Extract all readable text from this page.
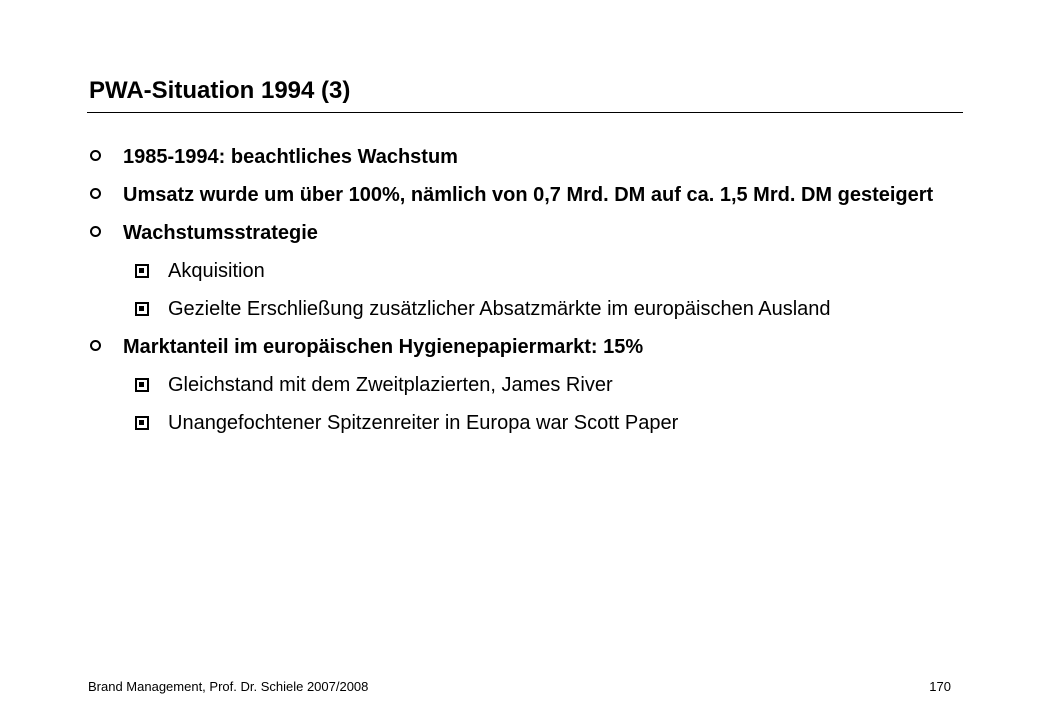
PWA-Situation 1994 (3)
1985-1994: beachtliches Wachstum
Umsatz wurde um über 100%, nämlich von 0,7 Mrd. DM auf ca. 1,5 Mrd. DM gesteigert
Wachstumsstrategie
Akquisition
Gezielte Erschließung zusätzlicher Absatzmärkte im europäischen Ausland
Marktanteil im europäischen Hygienepapiermarkt: 15%
Gleichstand mit dem Zweitplazierten, James River
Unangefochtener Spitzenreiter in Europa war Scott Paper
Brand Management, Prof. Dr. Schiele 2007/2008	170
